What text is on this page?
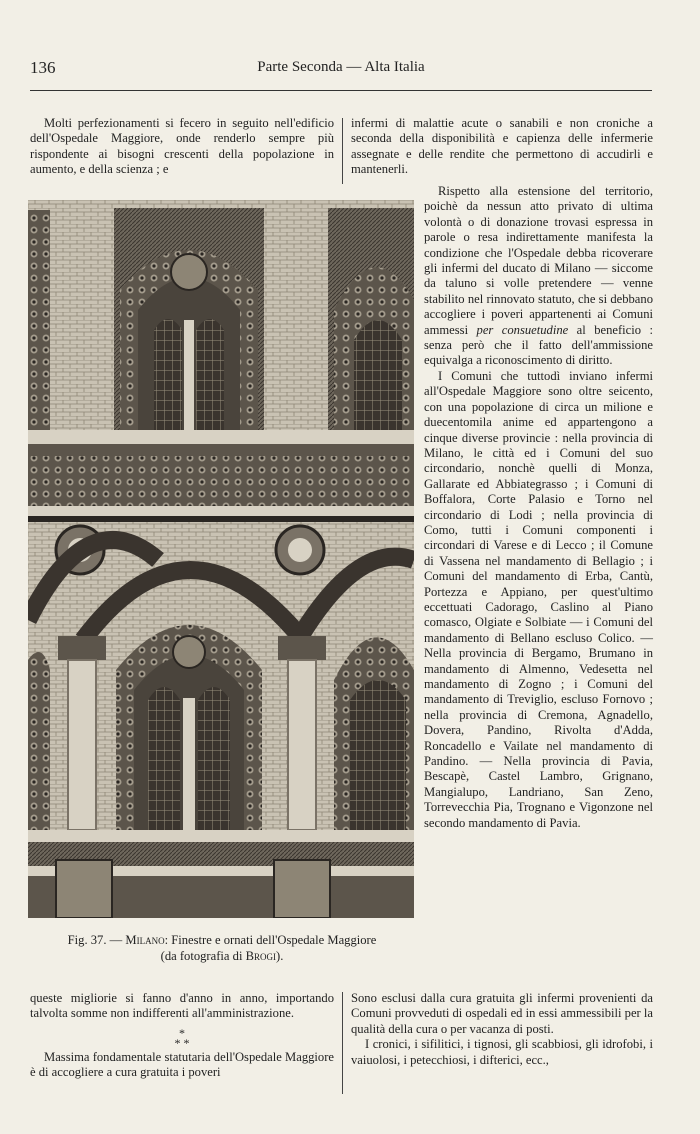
136	Parte Seconda — Alta Italia

Molti perfezionamenti si fecero in seguito nell'edificio dell'Ospedale Maggiore, onde renderlo sempre più rispondente ai bisogni crescenti della popolazione in aumento, e della scienza ; e

infermi di malattie acute o sanabili e non croniche a seconda della disponibilità e capienza delle infermerie assegnate e delle rendite che permettono di accudirli e mantenerli.

Rispetto alla estensione del territorio, poichè da nessun atto privato di ultima volontà o di donazione trovasi espressa in parole o resa indirettamente manifesta la condizione che l'Ospedale debba ricoverare gli infermi del ducato di Milano — siccome da taluno si volle pretendere — venne stabilito nel rinnovato statuto, che si debbano accogliere i poveri appartenenti ai Comuni ammessi per consuetudine al beneficio : senza però che il fatto dell'ammissione equivalga a riconoscimento di diritto.

I Comuni che tuttodì inviano infermi all'Ospedale Maggiore sono oltre seicento, con una popolazione di circa un milione e duecentomila anime ed appartengono a cinque diverse provincie : nella provincia di Milano, le città ed i Comuni del suo circondario, nonchè quelli di Monza, Gallarate ed Abbiategrasso ; i Comuni di Boffalora, Corte Palasio e Torno nel circondario di Lodi ; nella provincia di Como, tutti i Comuni componenti i circondari di Varese e di Lecco ; il Comune di Vassena nel mandamento di Bellagio ; i Comuni del mandamento di Erba, Cantù, Portezza e Appiano, per quest'ultimo eccettuati Cadorago, Caslino al Piano comasco, Olgiate e Solbiate — i Comuni del mandamento di Bellano escluso Colico. — Nella provincia di Bergamo, Brumano in mandamento di Almenno, Vedesetta nel mandamento di Zogno ; i Comuni del mandamento di Treviglio, escluso Fornovo ; nella provincia di Cremona, Agnadello, Dovera, Pandino, Rivolta d'Adda, Roncadello e Vailate nel mandamento di Pandino. — Nella provincia di Pavia, Bescapè, Castel Lambro, Grignano, Mangialupo, Landriano, San Zeno, Torrevecchia Pia, Trognano e Vigonzone nel secondo mandamento di Pavia.

Fig. 37. — Milano: Finestre e ornati dell'Ospedale Maggiore
(da fotografia di Brogi).

queste migliorie si fanno d'anno in anno, importando talvolta somme non indifferenti all'amministrazione.

*
* *

Massima fondamentale statutaria dell'Ospedale Maggiore è di accogliere a cura gratuita i poveri

Sono esclusi dalla cura gratuita gli infermi provenienti da Comuni provveduti di ospedali ed in essi ammessibili per la qualità della cura o per vacanza di posti.

I cronici, i sifilitici, i tignosi, gli scabbiosi, gli idrofobi, i vaiuolosi, i petecchiosi, i difterici, ecc.,
